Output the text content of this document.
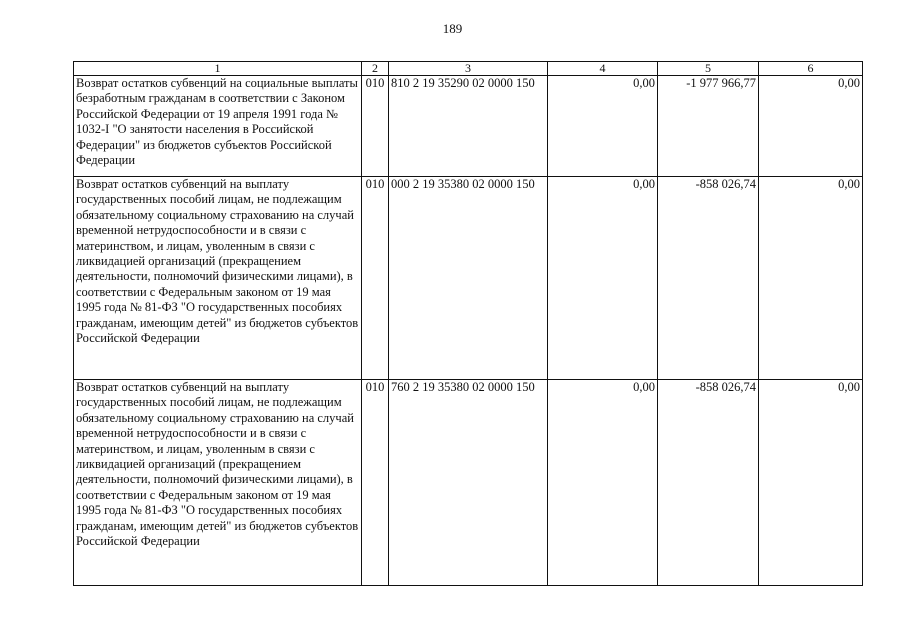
189
1	2	3	4	5	6
Возврат остатков субвенций на социальные выплаты безработным гражданам в соответствии с Законом Российской Федерации от 19 апреля 1991 года № 1032-I "О занятости населения в Российской Федерации" из бюджетов субъектов Российской Федерации	010	810 2 19 35290 02 0000 150	0,00	-1 977 966,77	0,00
Возврат остатков субвенций на выплату государственных пособий лицам, не подлежащим обязательному социальному страхованию на случай временной нетрудоспособности и в связи с материнством, и лицам, уволенным в связи с ликвидацией организаций (прекращением деятельности, полномочий физическими лицами), в соответствии с Федеральным законом от 19 мая 1995 года № 81-ФЗ "О государственных пособиях гражданам, имеющим детей" из бюджетов субъектов Российской Федерации	010	000 2 19 35380 02 0000 150	0,00	-858 026,74	0,00
Возврат остатков субвенций на выплату государственных пособий лицам, не подлежащим обязательному социальному страхованию на случай временной нетрудоспособности и в связи с материнством, и лицам, уволенным в связи с ликвидацией организаций (прекращением деятельности, полномочий физическими лицами), в соответствии с Федеральным законом от 19 мая 1995 года № 81-ФЗ "О государственных пособиях гражданам, имеющим детей" из бюджетов субъектов Российской Федерации	010	760 2 19 35380 02 0000 150	0,00	-858 026,74	0,00
